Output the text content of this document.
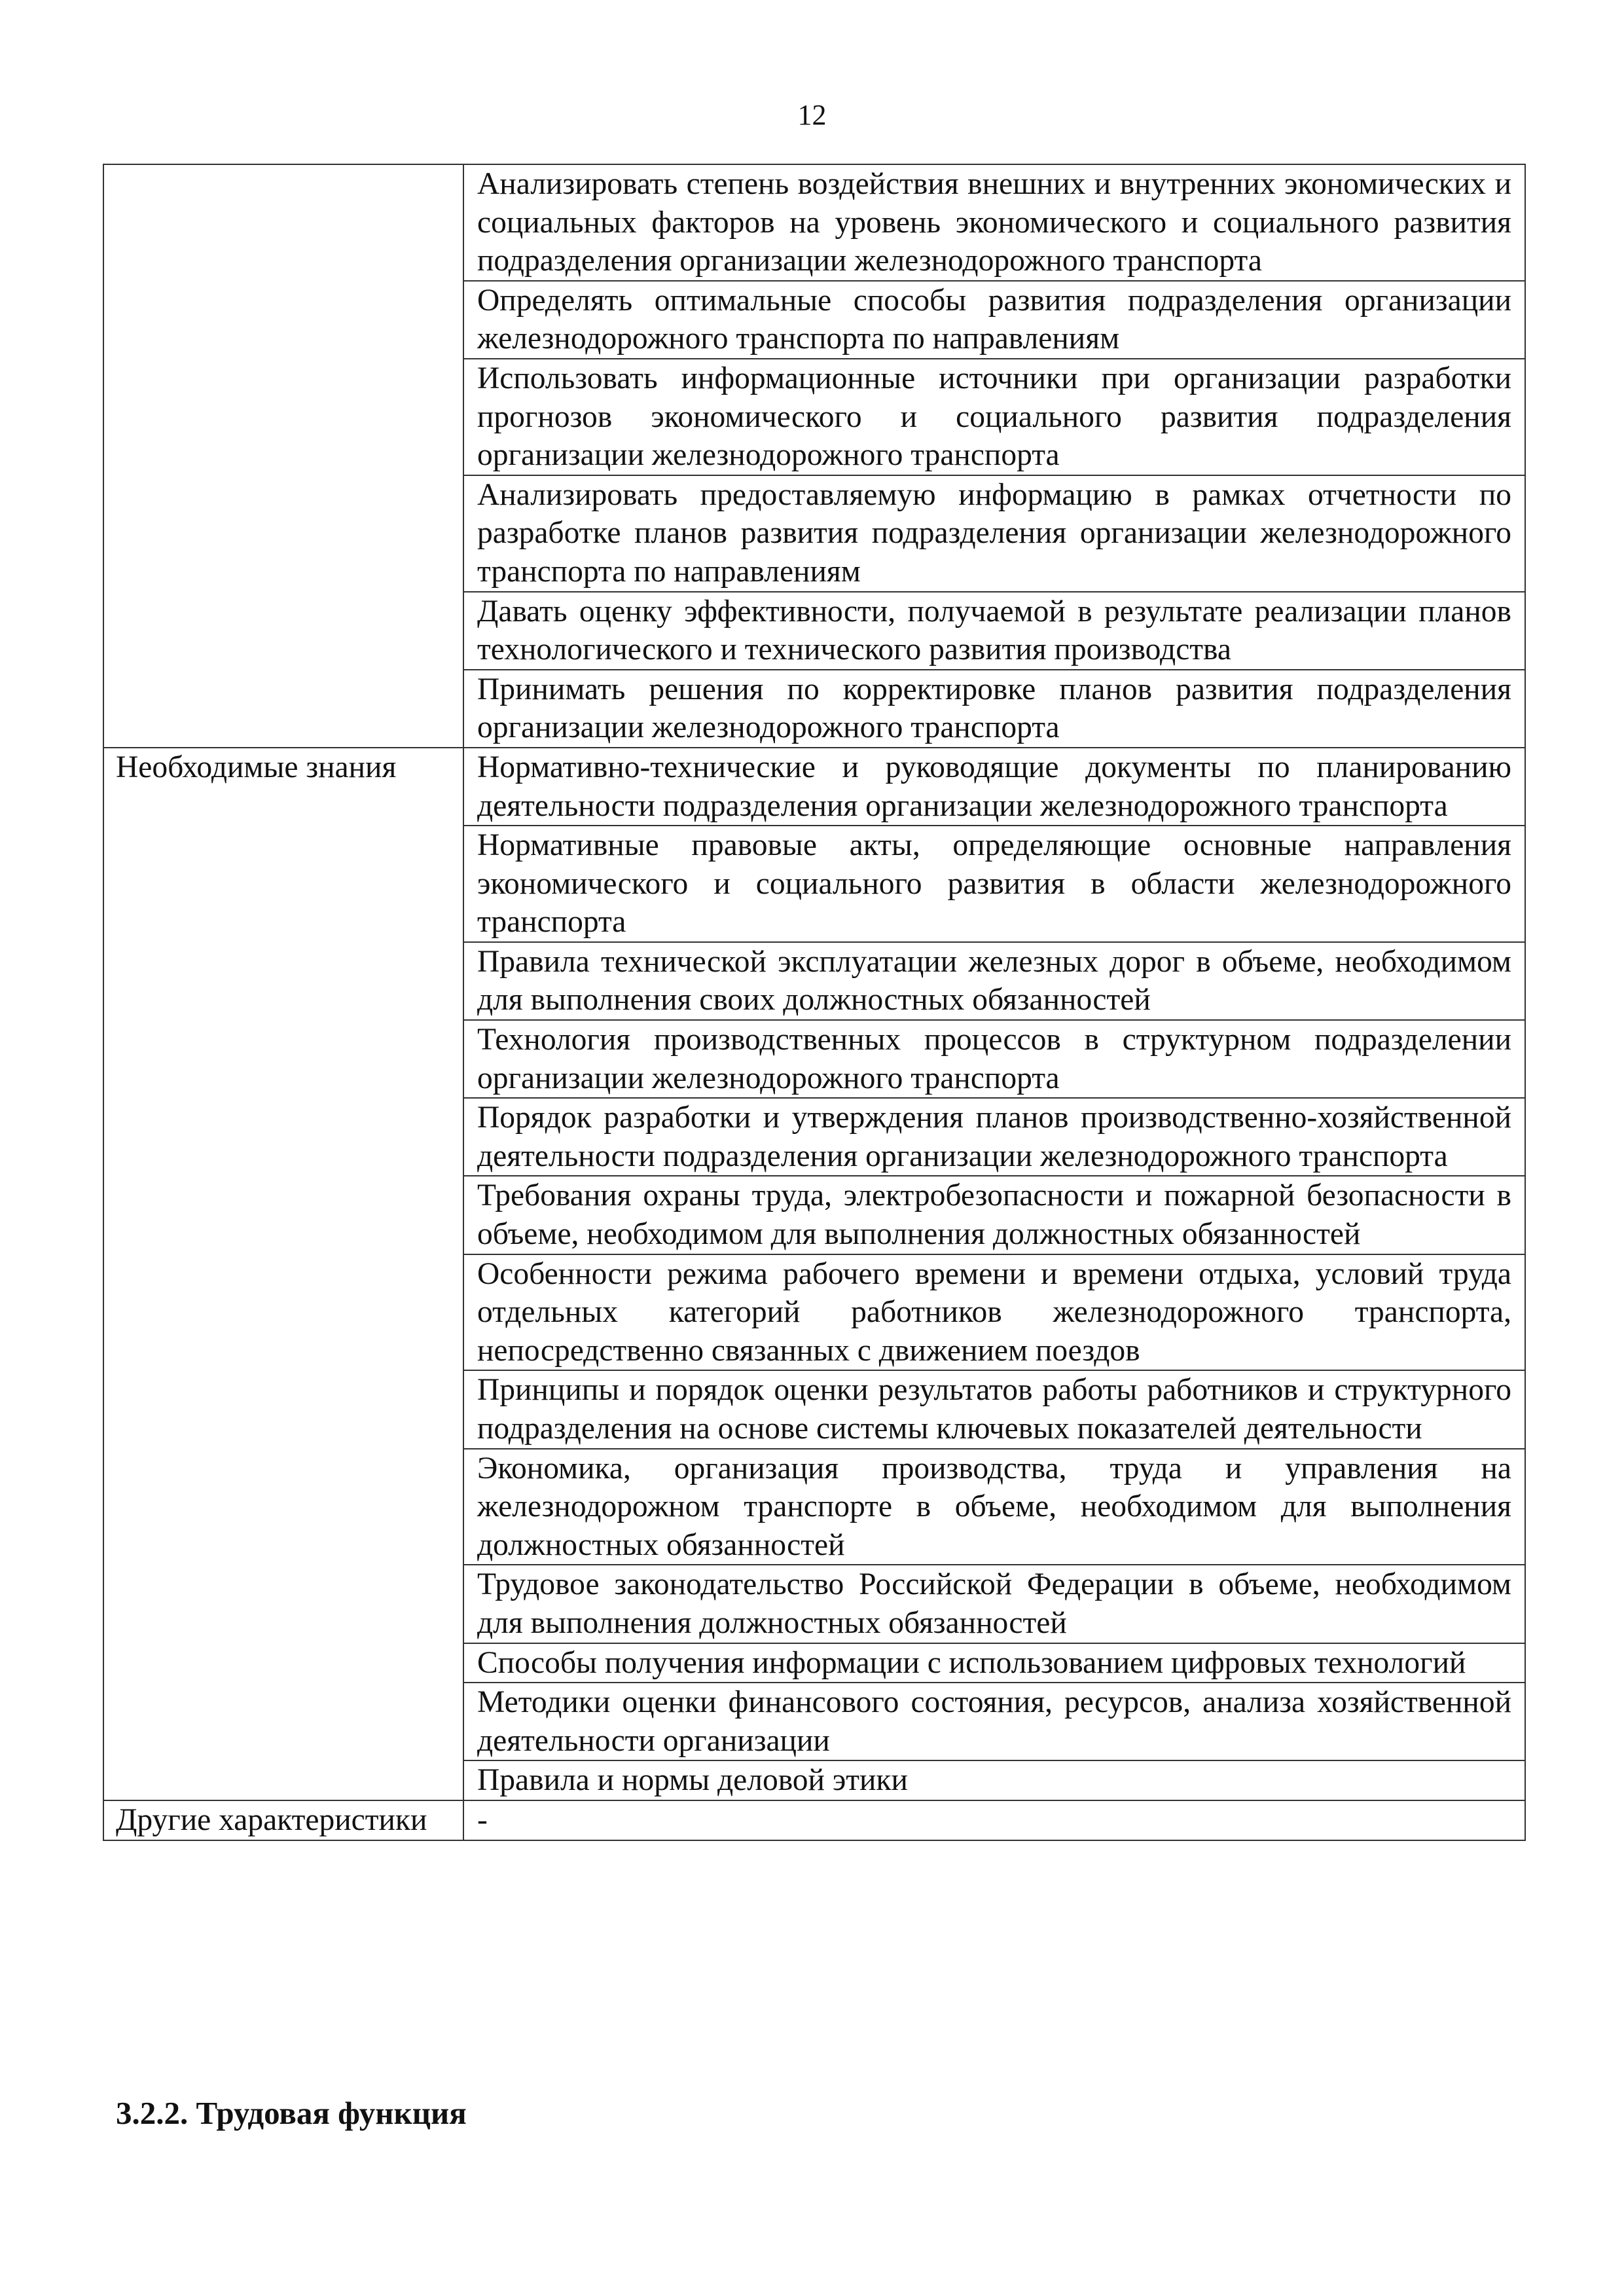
12
	Анализировать степень воздействия внешних и внутренних экономических и социальных факторов на уровень экономического и социального развития подразделения организации железнодорожного транспорта
	Определять оптимальные способы развития подразделения организации железнодорожного транспорта по направлениям
	Использовать информационные источники при организации разработки прогнозов экономического и социального развития подразделения организации железнодорожного транспорта
	Анализировать предоставляемую информацию в рамках отчетности по разработке планов развития подразделения организации железнодорожного транспорта по направлениям
	Давать оценку эффективности, получаемой в результате реализации планов технологического и технического развития производства
	Принимать решения по корректировке планов развития подразделения организации железнодорожного транспорта
Необходимые знания	Нормативно-технические и руководящие документы по планированию деятельности подразделения организации железнодорожного транспорта
	Нормативные правовые акты, определяющие основные направления экономического и социального развития в области железнодорожного транспорта
	Правила технической эксплуатации железных дорог в объеме, необходимом для выполнения своих должностных обязанностей
	Технология производственных процессов в структурном подразделении организации железнодорожного транспорта
	Порядок разработки и утверждения планов производственно-хозяйственной деятельности подразделения организации железнодорожного транспорта
	Требования охраны труда, электробезопасности и пожарной безопасности в объеме, необходимом для выполнения должностных обязанностей
	Особенности режима рабочего времени и времени отдыха, условий труда отдельных категорий работников железнодорожного транспорта, непосредственно связанных с движением поездов
	Принципы и порядок оценки результатов работы работников и структурного подразделения на основе системы ключевых показателей деятельности
	Экономика, организация производства, труда и управления на железнодорожном транспорте в объеме, необходимом для выполнения должностных обязанностей
	Трудовое законодательство Российской Федерации в объеме, необходимом для выполнения должностных обязанностей
	Способы получения информации с использованием цифровых технологий
	Методики оценки финансового состояния, ресурсов, анализа хозяйственной деятельности организации
	Правила и нормы деловой этики
Другие характеристики	-
3.2.2. Трудовая функция
